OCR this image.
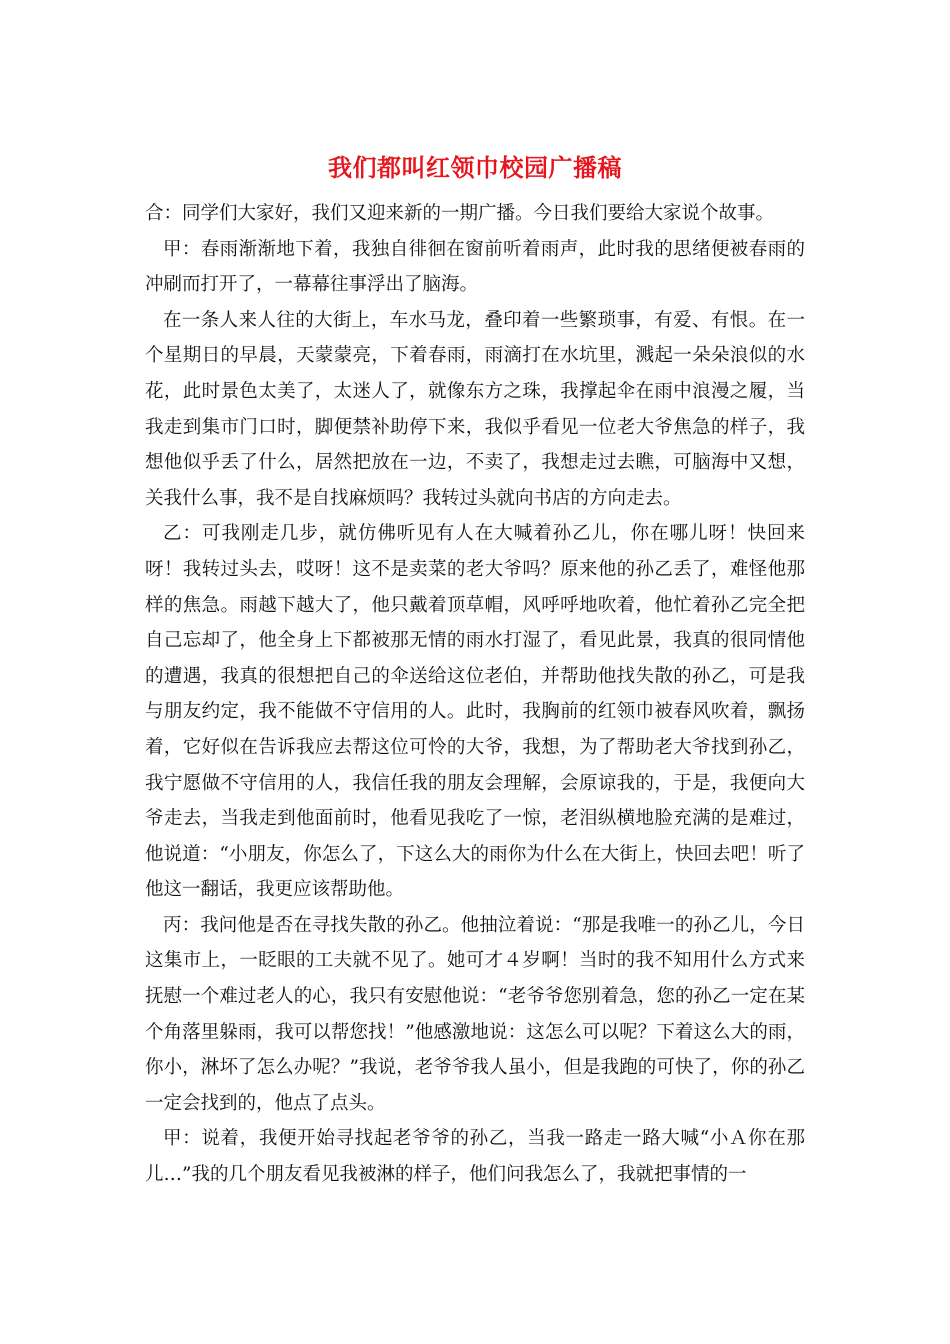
我们都叫红领巾校园广播稿

合：同学们大家好，我们又迎来新的一期广播。今日我们要给大家说个故事。

甲：春雨渐渐地下着，我独自徘徊在窗前听着雨声，此时我的思绪便被春雨的冲刷而打开了，一幕幕往事浮出了脑海。

在一条人来人往的大街上，车水马龙，叠印着一些繁琐事，有爱、有恨。在一个星期日的早晨，天蒙蒙亮，下着春雨，雨滴打在水坑里，溅起一朵朵浪似的水花，此时景色太美了，太迷人了，就像东方之珠，我撑起伞在雨中浪漫之履，当我走到集市门口时，脚便禁补助停下来，我似乎看见一位老大爷焦急的样子，我想他似乎丢了什么，居然把放在一边，不卖了，我想走过去瞧，可脑海中又想，关我什么事，我不是自找麻烦吗？我转过头就向书店的方向走去。

乙：可我刚走几步，就仿佛听见有人在大喊着孙乙儿，你在哪儿呀！快回来呀！我转过头去，哎呀！这不是卖菜的老大爷吗？原来他的孙乙丢了，难怪他那样的焦急。雨越下越大了，他只戴着顶草帽，风呼呼地吹着，他忙着孙乙完全把自己忘却了，他全身上下都被那无情的雨水打湿了，看见此景，我真的很同情他的遭遇，我真的很想把自己的伞送给这位老伯，并帮助他找失散的孙乙，可是我与朋友约定，我不能做不守信用的人。此时，我胸前的红领巾被春风吹着，飘扬着，它好似在告诉我应去帮这位可怜的大爷，我想，为了帮助老大爷找到孙乙，我宁愿做不守信用的人，我信任我的朋友会理解，会原谅我的，于是，我便向大爷走去，当我走到他面前时，他看见我吃了一惊，老泪纵横地脸充满的是难过，他说道：“小朋友，你怎么了，下这么大的雨你为什么在大街上，快回去吧！听了他这一翻话，我更应该帮助他。

丙：我问他是否在寻找失散的孙乙。他抽泣着说：“那是我唯一的孙乙儿，今日这集市上，一眨眼的工夫就不见了。她可才４岁啊！当时的我不知用什么方式来抚慰一个难过老人的心，我只有安慰他说：“老爷爷您别着急，您的孙乙一定在某个角落里躲雨，我可以帮您找！”他感激地说：这怎么可以呢？下着这么大的雨，你小，淋坏了怎么办呢？”我说，老爷爷我人虽小，但是我跑的可快了，你的孙乙一定会找到的，他点了点头。

甲：说着，我便开始寻找起老爷爷的孙乙，当我一路走一路大喊“小Ａ你在那儿…”我的几个朋友看见我被淋的样子，他们问我怎么了，我就把事情的一
